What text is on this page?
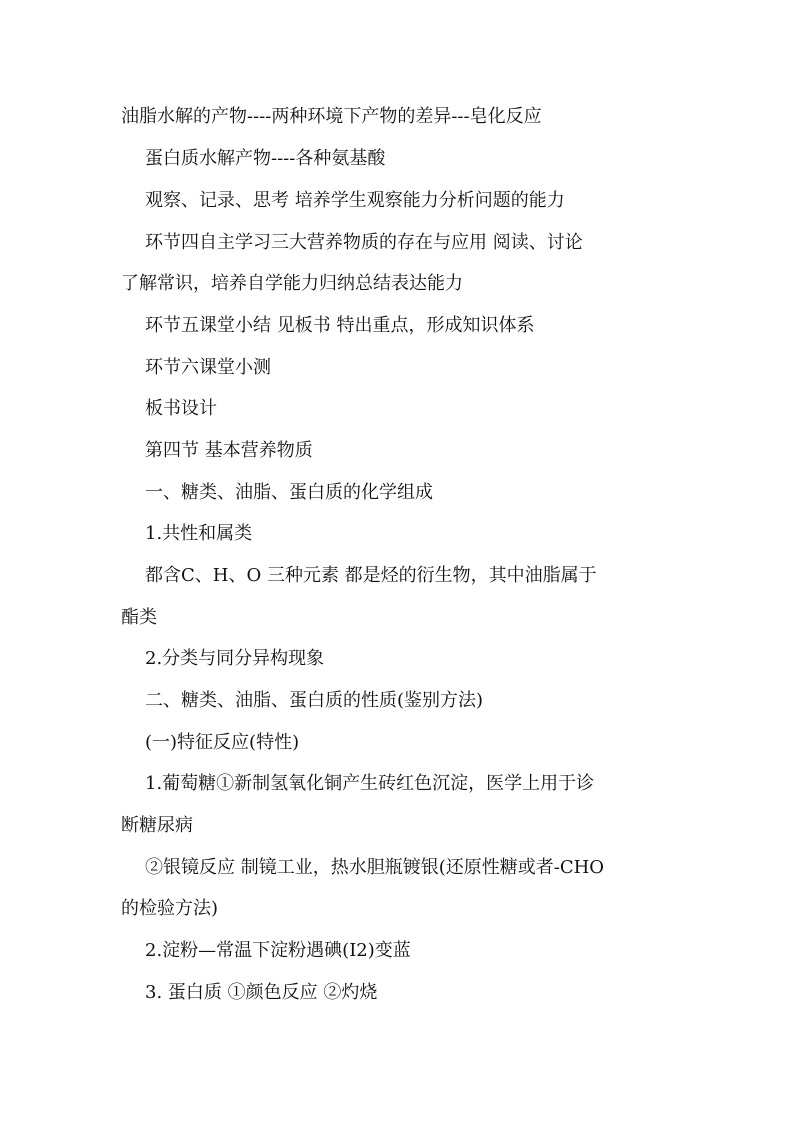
油脂水解的产物----两种环境下产物的差异---皂化反应
蛋白质水解产物----各种氨基酸
观察、记录、思考 培养学生观察能力分析问题的能力
环节四自主学习三大营养物质的存在与应用 阅读、讨论
了解常识，培养自学能力归纳总结表达能力
环节五课堂小结 见板书 特出重点，形成知识体系
环节六课堂小测
板书设计
第四节 基本营养物质
一、糖类、油脂、蛋白质的化学组成
1.共性和属类
都含C、H、O 三种元素 都是烃的衍生物，其中油脂属于
酯类
2.分类与同分异构现象
二、糖类、油脂、蛋白质的性质(鉴别方法)
(一)特征反应(特性)
1.葡萄糖①新制氢氧化铜产生砖红色沉淀，医学上用于诊
断糖尿病
②银镜反应 制镜工业，热水胆瓶镀银(还原性糖或者-CHO
的检验方法)
2.淀粉—常温下淀粉遇碘(I2)变蓝
3. 蛋白质 ①颜色反应 ②灼烧
